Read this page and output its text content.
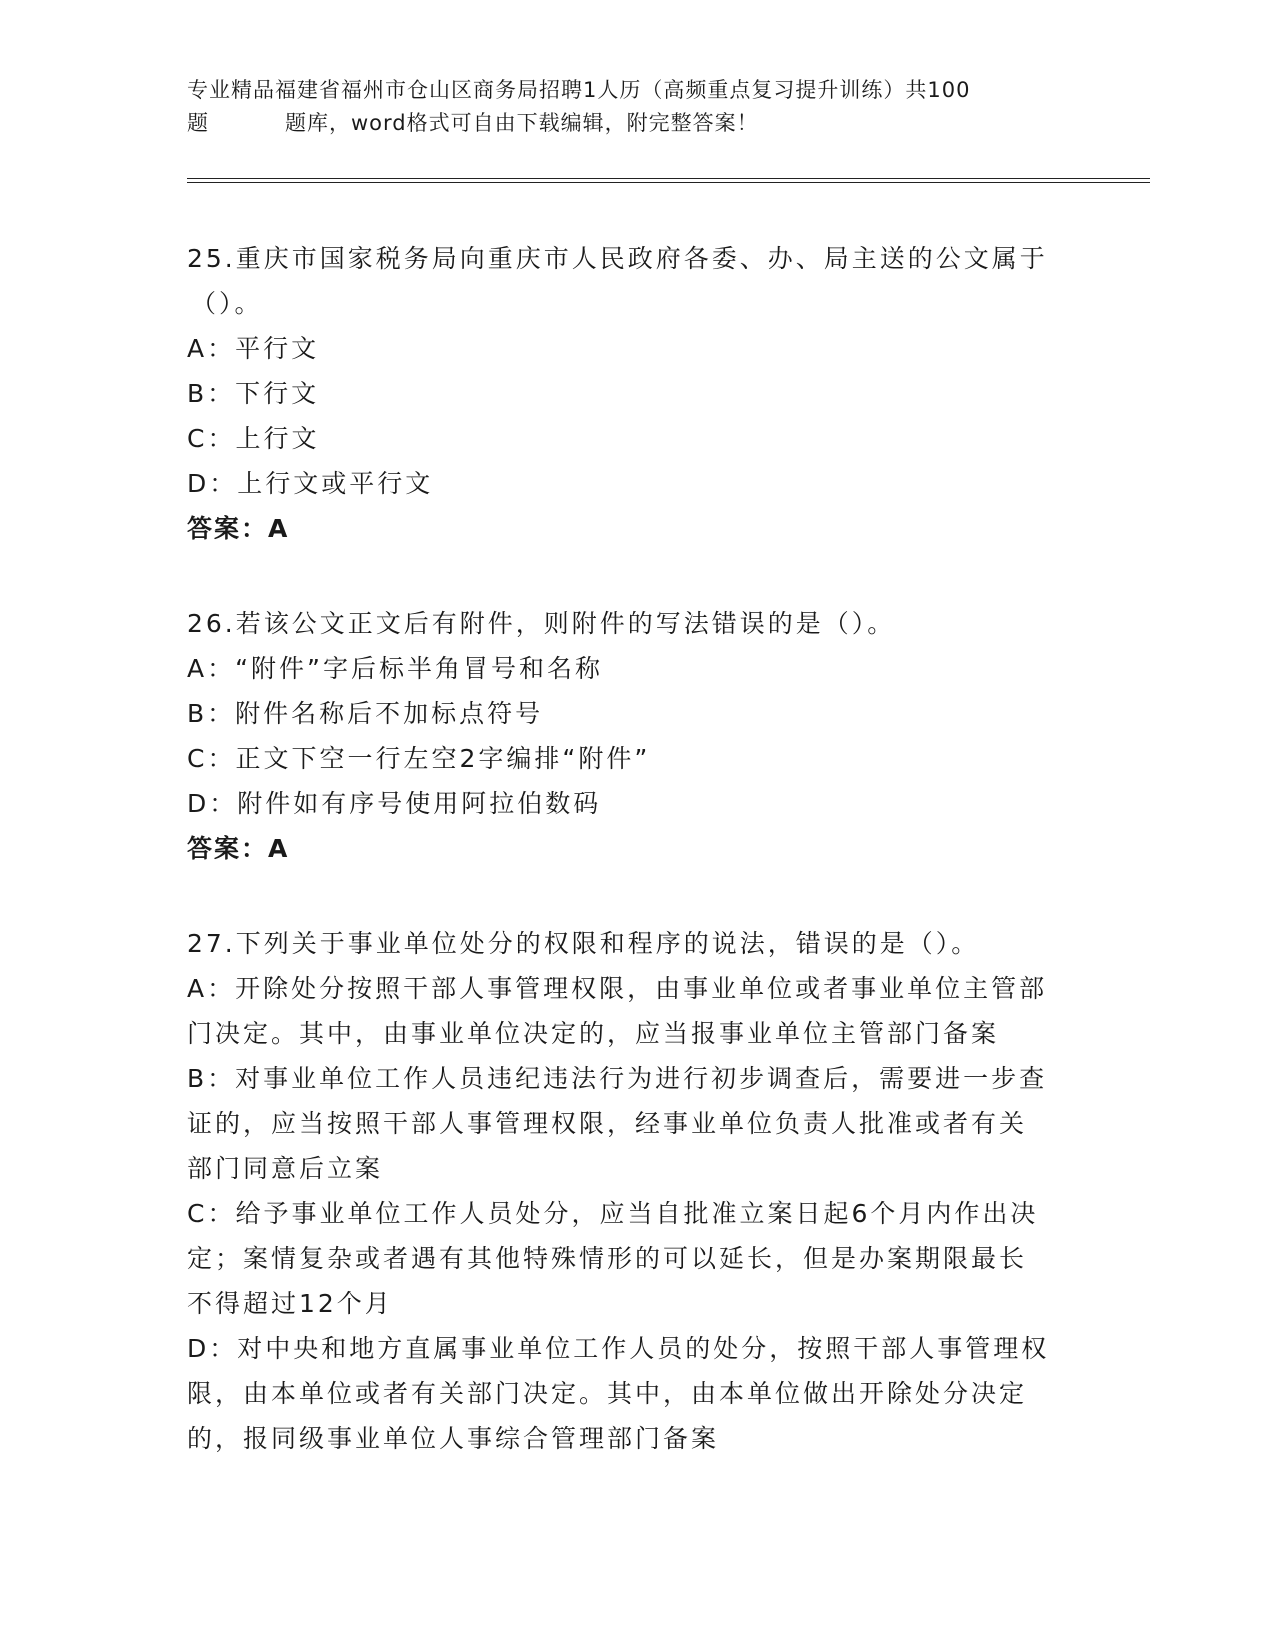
专业精品福建省福州市仓山区商务局招聘1人历（高频重点复习提升训练）共100
题	题库，word格式可自由下载编辑，附完整答案！
25.重庆市国家税务局向重庆市人民政府各委、办、局主送的公文属于
（）。
A：平行文
B：下行文
C：上行文
D：上行文或平行文
答案：A
26.若该公文正文后有附件，则附件的写法错误的是（）。
A：“附件”字后标半角冒号和名称
B：附件名称后不加标点符号
C：正文下空一行左空2字编排“附件”
D：附件如有序号使用阿拉伯数码
答案：A
27.下列关于事业单位处分的权限和程序的说法，错误的是（）。
A：开除处分按照干部人事管理权限，由事业单位或者事业单位主管部
门决定。其中，由事业单位决定的，应当报事业单位主管部门备案
B：对事业单位工作人员违纪违法行为进行初步调查后，需要进一步查
证的，应当按照干部人事管理权限，经事业单位负责人批准或者有关
部门同意后立案
C：给予事业单位工作人员处分，应当自批准立案日起6个月内作出决
定；案情复杂或者遇有其他特殊情形的可以延长，但是办案期限最长
不得超过12个月
D：对中央和地方直属事业单位工作人员的处分，按照干部人事管理权
限，由本单位或者有关部门决定。其中，由本单位做出开除处分决定
的，报同级事业单位人事综合管理部门备案
